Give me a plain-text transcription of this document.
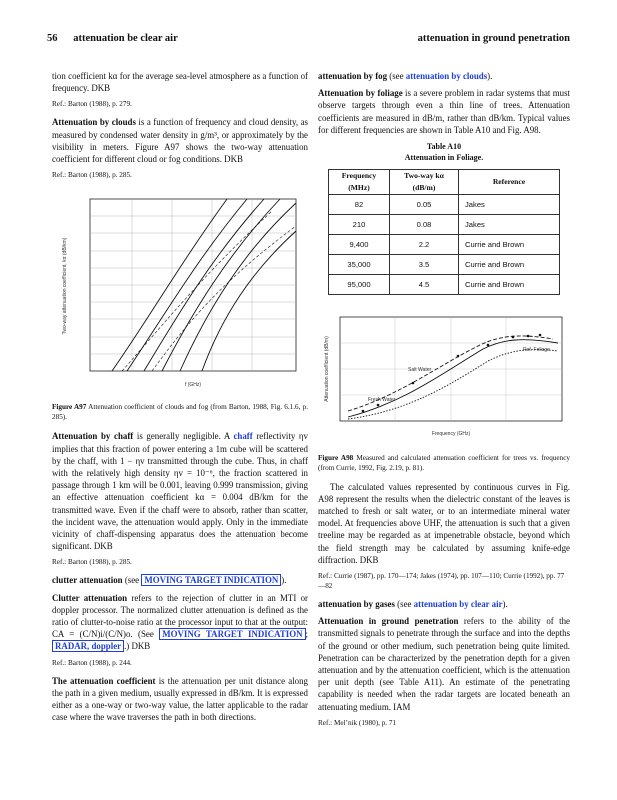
56 attenuation be clear air	attenuation in ground penetration

tion coefficient kα for the average sea-level atmosphere as a function of frequency. DKB

Ref.: Barton (1988), p. 279.

Attenuation by clouds is a function of frequency and cloud density, as measured by condensed water density in g/m³, or approximately by the visibility in meters. Figure A97 shows the two-way attenuation coefficient for different cloud or fog conditions. DKB

Ref.: Barton (1988), p. 285.

f (GHz)
Two-way attenuation coefficient, kα (dB/km)

Figure A97 Attenuation coefficient of clouds and fog (from Barton, 1988, Fig. 6.1.6, p. 285).

Attenuation by chaff is generally negligible. A chaff reflectivity ηv implies that this fraction of power entering a 1m cube will be scattered by the chaff, with 1 − ηv transmitted through the cube. Thus, in chaff with the relatively high density ηv = 10⁻⁶, the fraction scattered in passage through 1 km will be 0.001, leaving 0.999 transmission, giving an effective attenuation coefficient kα = 0.004 dB/km for the transmitted wave. Even if the chaff were to absorb, rather than scatter, the incident wave, the attenuation would apply. Only in the immediate vicinity of chaff-dispensing apparatus does the attenuation become significant. DKB

Ref.: Barton (1988), p. 285.

clutter attenuation (see MOVING TARGET INDICATION ).

Clutter attenuation refers to the rejection of clutter in an MTI or doppler processor. The normalized clutter attenuation is defined as the ratio of clutter-to-noise ratio at the processor input to that at the output: CA = (C/N)i/(C/N)o. (See MOVING TARGET INDICATION ; RADAR, doppler .) DKB

Ref.: Barton (1988), p. 244.

The attenuation coefficient is the attenuation per unit distance along the path in a given medium, usually expressed in dB/km. It is expressed either as a one-way or two-way value, the latter applicable to the radar case where the wave traverses the path in both directions.

attenuation by fog (see attenuation by clouds).

Attenuation by foliage is a severe problem in radar systems that must observe targets through even a thin line of trees. Attenuation coefficients are measured in dB/m, rather than dB/km. Typical values for different frequencies are shown in Table A10 and Fig. A98.

Table A10
Attenuation in Foliage.
Frequency (MHz)	Two-way kα (dB/m)	Reference
82	0.05	Jakes
210	0.08	Jakes
9,400	2.2	Currie and Brown
35,000	3.5	Currie and Brown
95,000	4.5	Currie and Brown
Salt Water
Fresh Water
Ref. Foliage
Frequency (GHz)
Attenuation coefficient (dB/m)

Figure A98 Measured and calculated attenuation coefficient for trees vs. frequency (from Currie, 1992, Fig. 2.19, p. 81).

The calculated values represented by continuous curves in Fig. A98 represent the results when the dielectric constant of the leaves is matched to fresh or salt water, or to an intermediate mineral water model. At frequencies above UHF, the attenuation is such that a given treeline may be regarded as at impenetrable obstacle, beyond which the field strength may be calculated by assuming knife-edge diffraction. DKB

Ref.: Currie (1987), pp. 170—174; Jakes (1974), pp. 107—110; Currie (1992), pp. 77—82

attenuation by gases (see attenuation by clear air).

Attenuation in ground penetration refers to the ability of the transmitted signals to penetrate through the surface and into the depths of the ground or other medium, such penetration being quite limited. Penetration can be characterized by the penetration depth for a given attenuation and by the attenuation coefficient, which is the attenuation per unit depth (see Table A11). An estimate of the penetrating capability is needed when the radar targets are located beneath an attenuating medium. IAM

Ref.: Mel’nik (1980), p. 71
